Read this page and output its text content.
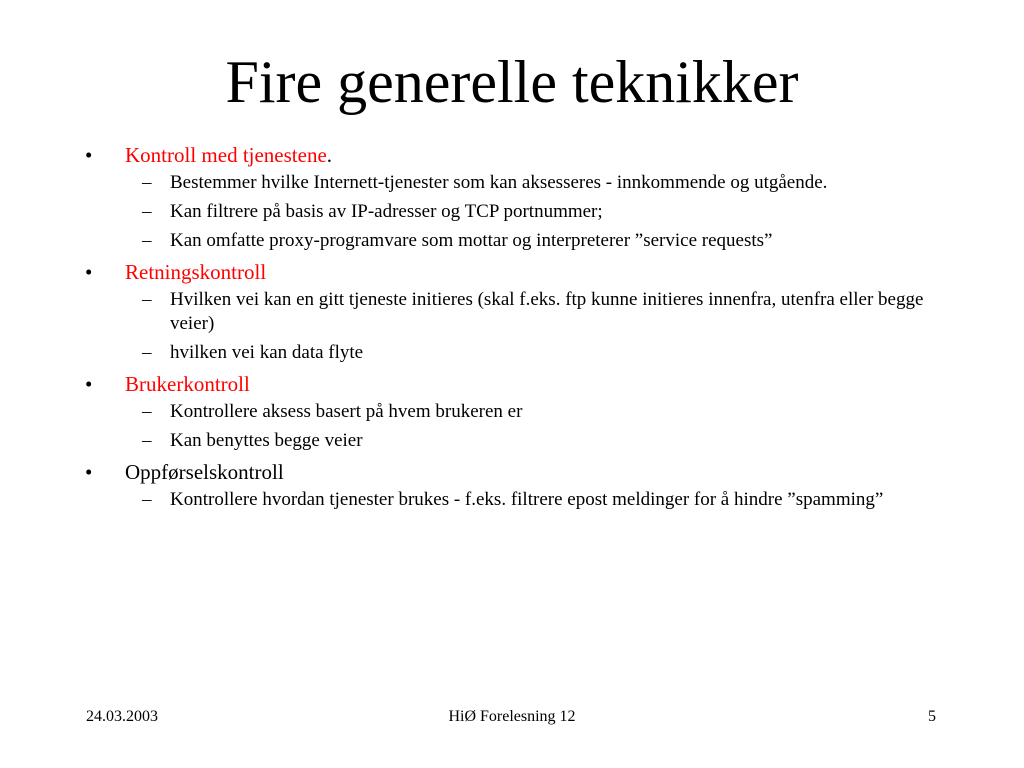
Fire generelle teknikker
•	Kontroll med tjenestene.
– Bestemmer hvilke Internett-tjenester som kan aksesseres - innkommende og utgående.
– Kan filtrere på basis av IP-adresser og TCP portnummer;
– Kan omfatte proxy-programvare som mottar og interpreterer ”service requests”
•	Retningskontroll
– Hvilken vei kan en gitt tjeneste initieres (skal f.eks. ftp kunne initieres innenfra, utenfra eller begge veier)
– hvilken vei kan data flyte
•	Brukerkontroll
– Kontrollere aksess basert på hvem brukeren er
– Kan benyttes begge veier
•	Oppførselskontroll
– Kontrollere hvordan tjenester brukes - f.eks. filtrere epost meldinger for å hindre ”spamming”
24.03.2003	HiØ Forelesning 12	5
